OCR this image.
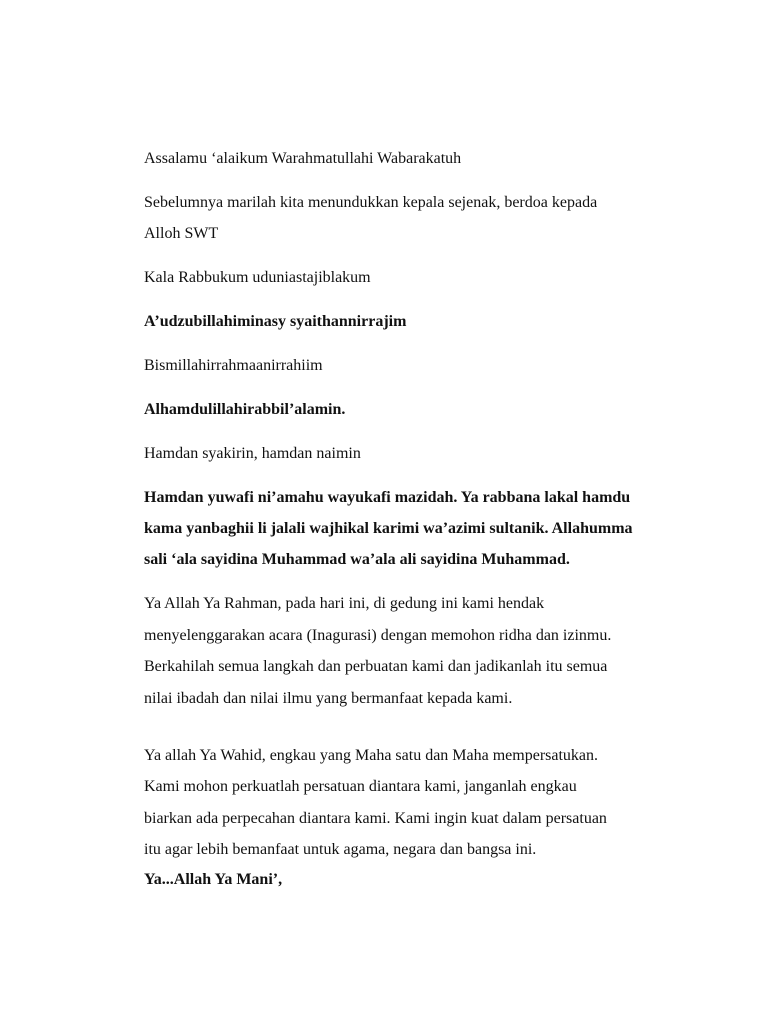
Assalamu ‘alaikum Warahmatullahi Wabarakatuh

Sebelumnya marilah kita menundukkan kepala sejenak, berdoa kepada

Alloh SWT

Kala Rabbukum uduniastajiblakum

A’udzubillahiminasy syaithannirrajim

Bismillahirrahmaanirrahiim

Alhamdulillahirabbil’alamin.

Hamdan syakirin, hamdan naimin

Hamdan yuwafi ni’amahu wayukafi mazidah. Ya rabbana lakal hamdu

kama yanbaghii li jalali wajhikal karimi wa’azimi sultanik. Allahumma

sali ‘ala sayidina Muhammad wa’ala ali sayidina Muhammad.

Ya Allah Ya Rahman, pada hari ini, di gedung ini kami hendak

menyelenggarakan acara (Inagurasi) dengan memohon ridha dan izinmu.

Berkahilah semua langkah dan perbuatan kami dan jadikanlah itu semua

nilai ibadah dan nilai ilmu yang bermanfaat kepada kami.

Ya allah Ya Wahid, engkau yang Maha satu dan Maha mempersatukan.

Kami mohon perkuatlah persatuan diantara kami, janganlah engkau

biarkan ada perpecahan diantara kami. Kami ingin kuat dalam persatuan

itu agar lebih bemanfaat untuk agama, negara dan bangsa ini.

Ya...Allah Ya Mani’,
